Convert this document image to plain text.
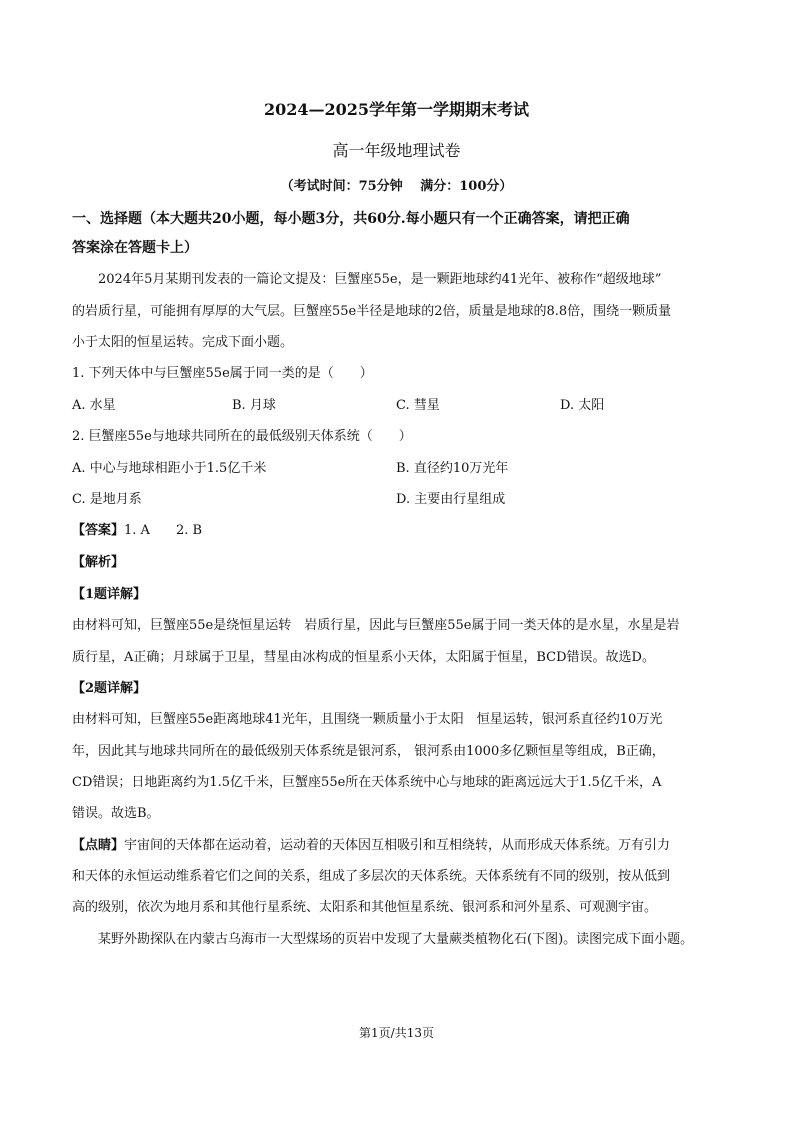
2024—2025学年第一学期期末考试
高一年级地理试卷
（考试时间：75分钟　 满分：100分）
一、选择题（本大题共20小题，每小题3分，共60分.每小题只有一个正确答案，请把正确
答案涂在答题卡上）
2024年5月某期刊发表的一篇论文提及：巨蟹座55e，是一颗距地球约41光年、被称作“超级地球”
的岩质行星，可能拥有厚厚的大气层。巨蟹座55e半径是地球的2倍，质量是地球的8.8倍，围绕一颗质量
小于太阳的恒星运转。完成下面小题。
1. 下列天体中与巨蟹座55e属于同一类的是（　　）
A. 水星	B. 月球	C. 彗星	D. 太阳
2. 巨蟹座55e与地球共同所在的最低级别天体系统（　　）
A. 中心与地球相距小于1.5亿千米	B. 直径约10万光年
C. 是地月系	D. 主要由行星组成
【答案】1. A　　2. B
【解析】
【1题详解】
由材料可知，巨蟹座55e是绕恒星运转　岩质行星，因此与巨蟹座55e属于同一类天体的是水星，水星是岩
质行星，A正确；月球属于卫星，彗星由冰构成的恒星系小天体，太阳属于恒星，BCD错误。故选D。
【2题详解】
由材料可知，巨蟹座55e距离地球41光年，且围绕一颗质量小于太阳　恒星运转，银河系直径约10万光
年，因此其与地球共同所在的最低级别天体系统是银河系， 银河系由1000多亿颗恒星等组成，B正确，
CD错误；日地距离约为1.5亿千米，巨蟹座55e所在天体系统中心与地球的距离远远大于1.5亿千米，A
错误。故选B。
【点睛】宇宙间的天体都在运动着，运动着的天体因互相吸引和互相绕转，从而形成天体系统。万有引力
和天体的永恒运动维系着它们之间的关系，组成了多层次的天体系统。天体系统有不同的级别，按从低到
高的级别，依次为地月系和其他行星系统、太阳系和其他恒星系统、银河系和河外星系、可观测宇宙。
某野外勘探队在内蒙古乌海市一大型煤场的页岩中发现了大量蕨类植物化石(下图)。读图完成下面小题。
第1页/共13页
